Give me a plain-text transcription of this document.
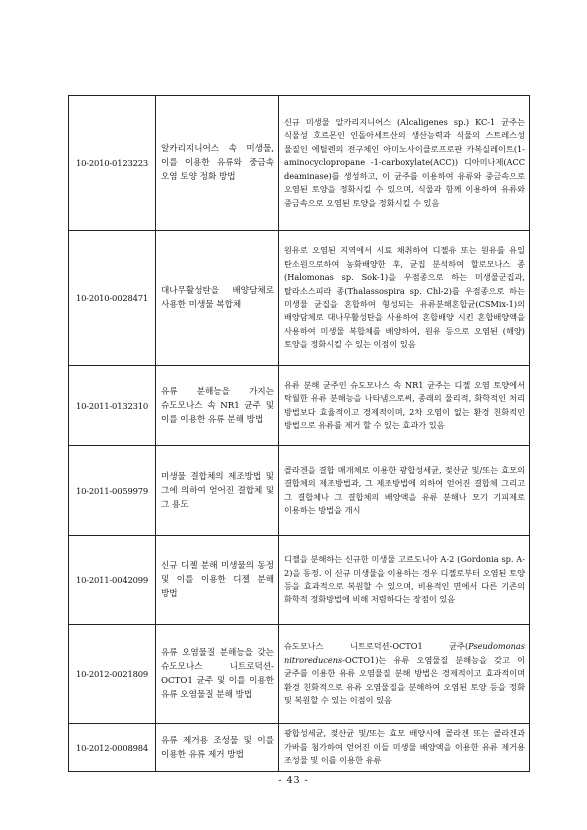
10-2010-0123223	알카리지니어스 속 미생물, 이를 이용한 유류와 중금속 오염 토양 정화 방법	신규 미생물 알카리지니어스 (Alcaligenes sp.) KC-1 균주는 식물성 호르몬인 인돌아세트산의 생산능력과 식물의 스트레스성 물질인 에틸렌의 전구체인 아미노사이클로프로판 카복실레이트(1-aminocyclopropane -1-carboxylate(ACC)) 디아미나제(ACC deaminase)를 생성하고, 이 균주를 이용하여 유류와 중금속으로 오염된 토양을 정화시킬 수 있으며, 식물과 함께 이용하여 유류와 중금속으로 오염된 토양을 정화시킬 수 있음
10-2010-0028471	대나무활성탄을 배양담체로 사용한 미생물 복합체	원유로 오염된 지역에서 시료 채취하여 디젤유 또는 원유를 유일 탄소원으로하여 농화배양한 후, 균집 분석하여 할로모나스 종(Halomonas sp. Sok-1)을 우점종으로 하는 미생물군집과, 탈라소스피라 종(Thalassospira sp. Chl-2)를 우점종으로 하는 미생물 균집을 혼합하여 형성되는 유류분해혼합균(CSMix-1)의 배양담체로 대나무활성탄을 사용하여 혼합배양 시킨 혼합배양액을 사용하여 미생물 복합체를 배양하여, 원유 등으로 오염된 (해양)토양을 정화시킬 수 있는 이점이 있음
10-2011-0132310	유류 분해능을 가지는 슈도모나스 속 NR1 균주 및 이를 이용한 유류 분해 방법	유류 분해 균주인 슈도모나스 속 NR1 균주는 디젤 오염 토양에서 탁월한 유류 분해능을 나타냄으로써, 종래의 물리적, 화학적인 처리 방법보다 효율적이고 경제적이며, 2차 오염이 없는 환경 친화적인 방법으로 유류를 제거 할 수 있는 효과가 있음
10-2011-0059979	미생물 결합체의 제조방법 및 그에 의하여 얻어진 결합체 및 그 용도	콜라겐을 결합 매개체로 이용한 광합성세균, 젖산균 및/또는 효모의 결합체의 제조방법과, 그 제조방법에 의하여 얻어진 결합체 그리고 그 결합체나 그 결합체의 배양액을 유류 분해나 모기 기피제로 이용하는 방법을 개시
10-2011-0042099	신규 디젤 분해 미생물의 동정 및 이를 이용한 디젤 분해 방법	디젤을 분해하는 신규한 미생물 고르도니아 A-2 (Gordonia sp. A-2)을 동정. 이 신규 미생물을 이용하는 경우 디젤로부터 오염된 토양 등을 효과적으로 복원할 수 있으며, 비용적인 면에서 다른 기존의 화학적 정화방법에 비해 저렴하다는 장점이 있음
10-2012-0021809	유류 오염물질 분해능을 갖는 슈도모나스 니트로덕션-OCTO1 균주 및 이를 이용한 유류 오염물질 분해 방법	슈도모나스 니트로덕션-OCTO1 균주(Pseudomonas nitroreducens-OCTO1)는 유류 오염물질 분해능을 갖고 이 균주를 이용한 유류 오염물질 분해 방법은 경제적이고 효과적이며 환경 친화적으로 유류 오염물질을 분해하여 오염된 토양 등을 정화 및 복원할 수 있는 이점이 있음
10-2012-0008984	유류 제거용 조성물 및 이를 이용한 유류 제거 방법	광합성세균, 젖산균 및/또는 효모 배양시에 콜라겐 또는 콜라겐과 가바를 첨가하여 얻어진 이들 미생물 배양액을 이용한 유류 제거용 조성물 및 이를 이용한 유류
- 43 -
